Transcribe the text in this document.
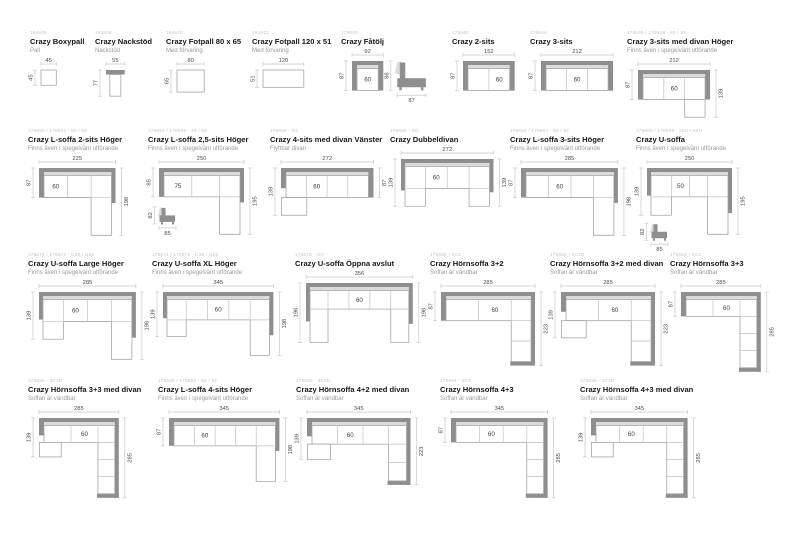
184606
Crazy Boxypall
Pall
45
45
184608
Crazy Nackstöd
Nackstöd
55
77
184610
Crazy Fotpall 80 x 65
Med förvaring
80
65
184612
Crazy Fotpall 120 x 51
Med förvaring
120
51
178640
Crazy Fåtölj
60
92
87	86
87
178642
Crazy 2-sits
60
152
87
178644
Crazy 3-sits
60
212
87
178646 / 178648 - 80 / 82
Crazy 3-sits med divan Höger
Finns även i spegelvänt utförande
60
212
87
139
178650 / 178652 - 80 / 82
Crazy L-soffa 2-sits Höger
Finns även i spegelvänt utförande
60
225
87
198
178654 / 178656 - 28 / 62
Crazy L-soffa 2,5-sits Höger
Finns även i spegelvänt utförande
75
250
85
195
82
85
178658 - D4
Crazy 4-sits med divan Vänster
Flyttbar divan
60
272
139
87
178660 - DD
Crazy Dubbeldivan
60
272
139	139
178662 / 178664 - 80 / 82
Crazy L-soffa 3-sits Höger
Finns även i spegelvänt utförande
60
285
87
198
178666 / 178668 - 28U / 62U
Crazy U-soffa
Finns även i spegelvänt utförande
50
250
139
195
82
85
178670 / 178672 - U28 / U62
Crazy U-soffa Large Höger
Finns även i spegelvänt utförande
60
285
139
198
178674 / 178676 - U28 / U62
Crazy U-soffa XL Höger
Finns även i spegelvänt utförande
60
345
139
198
178678 - UO
Crazy U-soffa Öppna avslut
60
356
198	198
178680 - 3C2
Crazy Hörnsoffa 3+2
Soffan är vändbar
60
285
87
223
178682 - 3C2D
Crazy Hörnsoffa 3+2 med divan
Soffan är vändbar
60
285
139
223
178684 - 3C3
Crazy Hörnsoffa 3+3
Soffan är vändbar
60
285
87
285
178686 - 3C3D
Crazy Hörnsoffa 3+3 med divan
Soffan är vändbar
60
285
139
285
178688 / 178690 - 80 / 82
Crazy L-soffa 4-sits Höger
Finns även i spegelvänt utförande
60
345
87
198
178692 - 4C2D
Crazy Hörnsoffa 4+2 med divan
Soffan är vändbar
60
345
139
223
178694 - 4C3
Crazy Hörnsoffa 4+3
Soffan är vändbar
60
345
87
285
178696 - 4C3D
Crazy Hörnsoffa 4+3 med divan
Soffan är vändbar
60
345
139
285
